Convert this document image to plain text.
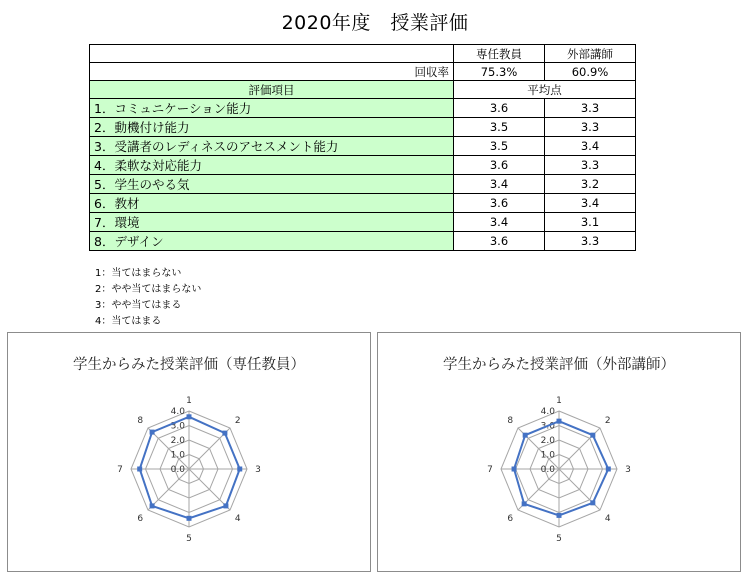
2020年度　授業評価
	専任教員	外部講師
回収率	75.3%	60.9%
評価項目	平均点	
1．コミュニケーション能力	3.6	3.3
2．動機付け能力	3.5	3.3
3．受講者のレディネスのアセスメント能力	3.5	3.4
4．柔軟な対応能力	3.6	3.3
5．学生のやる気	3.4	3.2
6．教材	3.6	3.4
7．環境	3.4	3.1
8．デザイン	3.6	3.3
1：当てはまらない
2：やや当てはまらない
3：やや当てはまる
4：当てはまる
学生からみた授業評価（専任教員）
0.0
1.0
2.0
3.0
4.0
1
2
3
4
5
6
7
8
学生からみた授業評価（外部講師）
0.0
1.0
2.0
3.0
4.0
1
2
3
4
5
6
7
8
